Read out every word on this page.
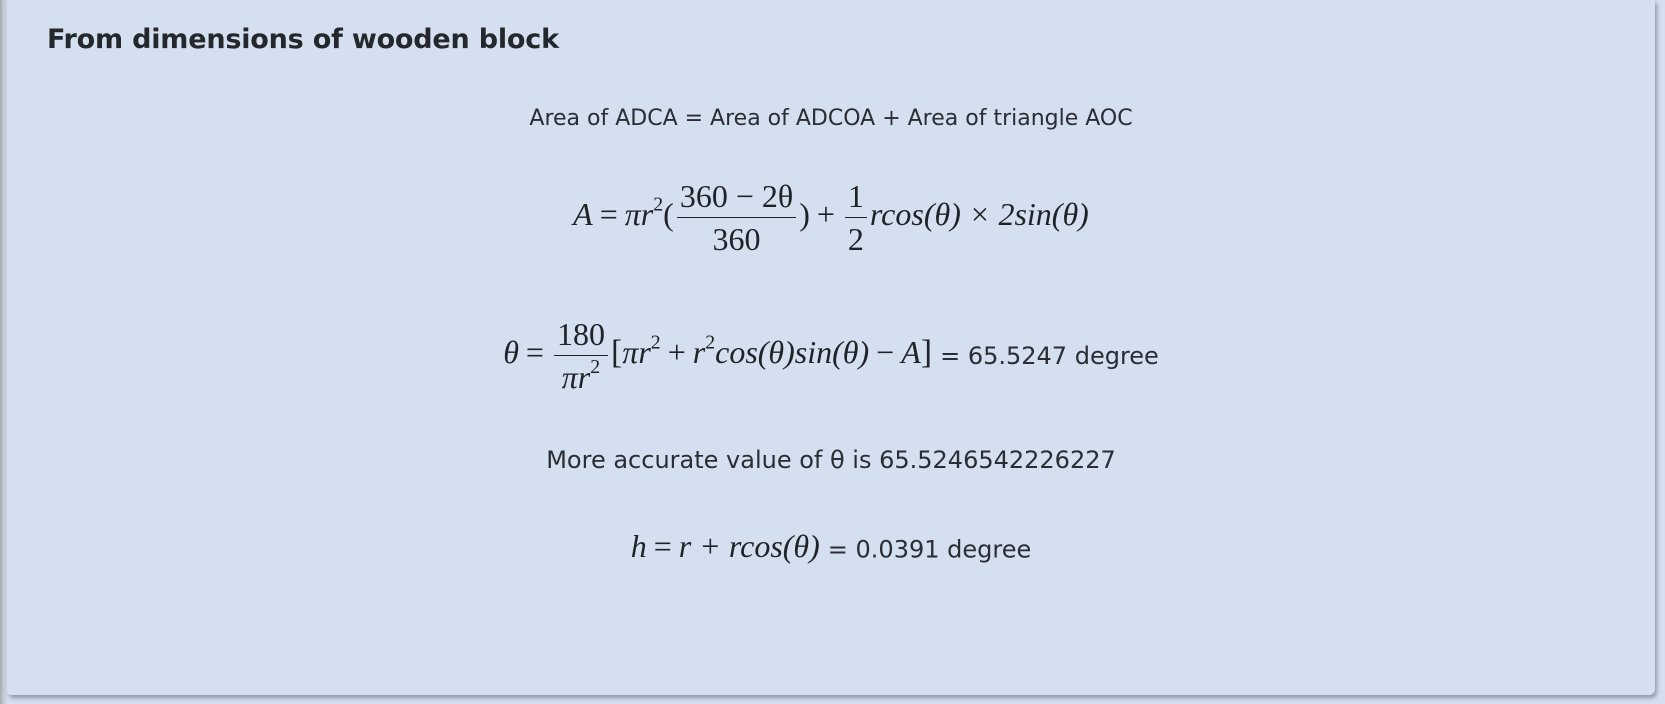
From dimensions of wooden block
Area of ADCA = Area of ADCOA + Area of triangle AOC
$A = \pi r^2( \frac{360 - 2\theta}{360}$ ) + $\frac{1}{2} rcos(\theta) \times 2\sin(\theta)$
$\theta = \frac{180}{\pi r^2} [\pi r^2 + r^2\cos(\theta)\sin(\theta) - A] = 65.5247$ degree
More accurate value of θ is 65.5246542226227
h = r + rcos(θ) = 0.0391 degree
